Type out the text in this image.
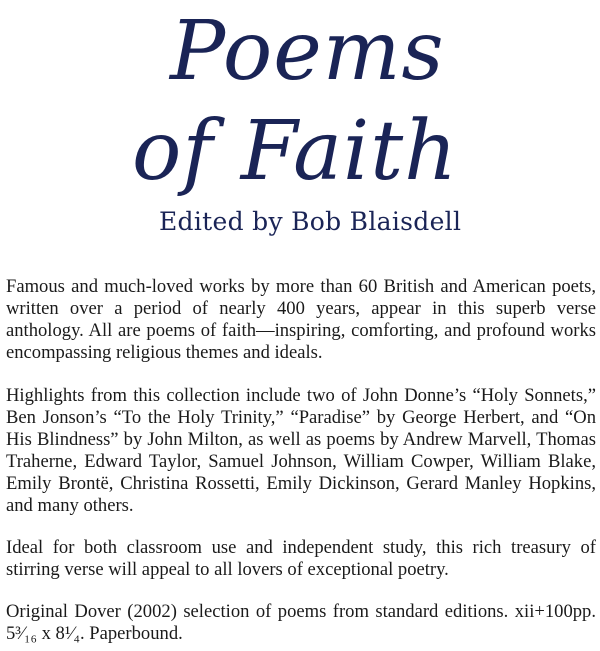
Poems
of Faith
Edited by Bob Blaisdell

Famous and much-loved works by more than 60 British and American poets, written over a period of nearly 400 years, appear in this superb verse anthology. All are poems of faith—inspiring, comforting, and profound works encompassing religious themes and ideals.

Highlights from this collection include two of John Donne’s “Holy Sonnets,” Ben Jonson’s “To the Holy Trinity,” “Paradise” by George Herbert, and “On His Blindness” by John Milton, as well as poems by Andrew Marvell, Thomas Traherne, Edward Taylor, Samuel Johnson, William Cowper, William Blake, Emily Brontë, Christina Rossetti, Emily Dickinson, Gerard Manley Hopkins, and many others.

Ideal for both classroom use and independent study, this rich treasury of stirring verse will appeal to all lovers of exceptional poetry.

Original Dover (2002) selection of poems from standard editions. xii+100pp. 5³⁄₁₆ x 8¹⁄₄. Paperbound.
